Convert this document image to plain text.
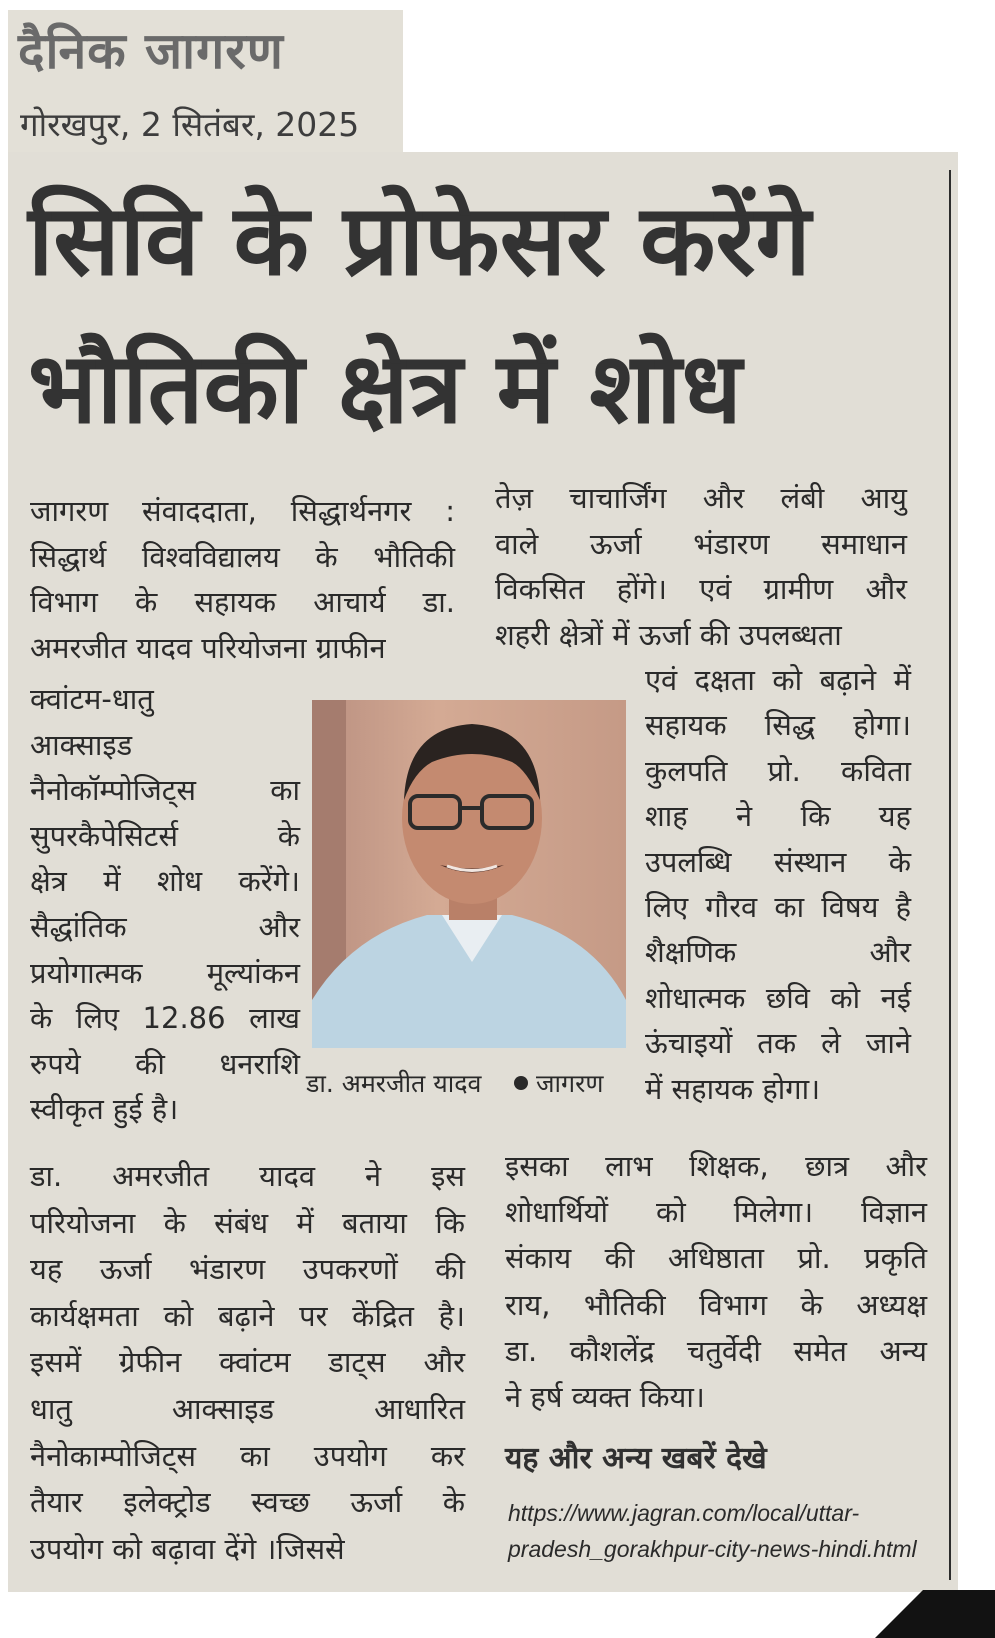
दैनिक जागरण
गोरखपुर, 2 सितंबर, 2025
सिवि के प्रोफेसर करेंगे
भौतिकी क्षेत्र में शोध
जागरण संवाददाता, सिद्धार्थनगर :
सिद्धार्थ विश्वविद्यालय के भौतिकी
विभाग के सहायक आचार्य डा.
अमरजीत यादव परियोजना ग्राफीन
क्वांटम-धातु
आक्साइड
नैनोकॉम्पोजिट्स का
सुपरकैपेसिटर्स के
क्षेत्र में शोध करेंगे।
सैद्धांतिक और
प्रयोगात्मक मूल्यांकन
के लिए 12.86 लाख
रुपये की धनराशि
स्वीकृत हुई है।
डा. अमरजीत यादव ने इस
परियोजना के संबंध में बताया कि
यह ऊर्जा भंडारण उपकरणों की
कार्यक्षमता को बढ़ाने पर केंद्रित है।
इसमें ग्रेफीन क्वांटम डाट्स और
धातु आक्साइड आधारित
नैनोकाम्पोजिट्स का उपयोग कर
तैयार इलेक्ट्रोड स्वच्छ ऊर्जा के
उपयोग को बढ़ावा देंगे ।जिससे
तेज़ चाचार्जिंग और लंबी आयु
वाले ऊर्जा भंडारण समाधान
विकसित होंगे। एवं ग्रामीण और
शहरी क्षेत्रों में ऊर्जा की उपलब्धता
एवं दक्षता को बढ़ाने में
सहायक सिद्ध होगा।
कुलपति प्रो. कविता
शाह ने कि यह
उपलब्धि संस्थान के
लिए गौरव का विषय है
शैक्षणिक और
शोधात्मक छवि को नई
ऊंचाइयों तक ले जाने
में सहायक होगा।
इसका लाभ शिक्षक, छात्र और
शोधार्थियों को मिलेगा। विज्ञान
संकाय की अधिष्ठाता प्रो. प्रकृति
राय, भौतिकी विभाग के अध्यक्ष
डा. कौशलेंद्र चतुर्वेदी समेत अन्य
ने हर्ष व्यक्त किया।
डा. अमरजीत यादव जागरण
यह और अन्य खबरें देखे
https://www.jagran.com/local/uttar-
pradesh_gorakhpur-city-news-hindi.html
